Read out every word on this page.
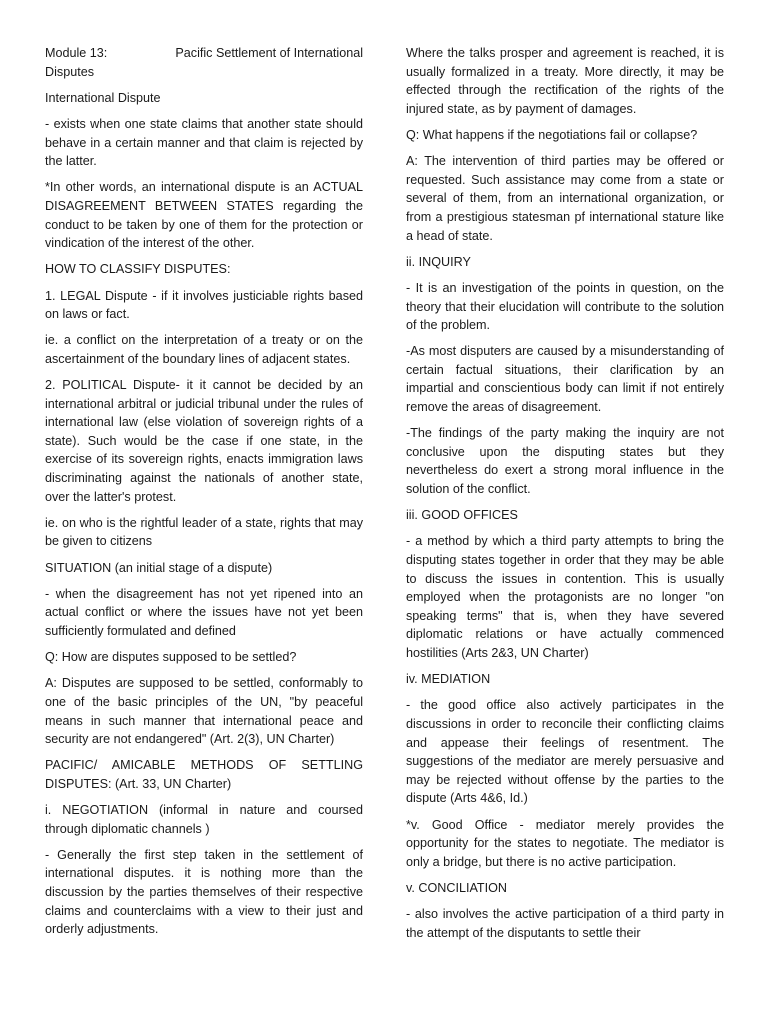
Module 13:	Pacific Settlement of International
Disputes

International Dispute

- exists when one state claims that another state should behave in a certain manner and that claim is rejected by the latter.

*In other words, an international dispute is an ACTUAL DISAGREEMENT BETWEEN STATES regarding the conduct to be taken by one of them for the protection or vindication of the interest of the other.

HOW TO CLASSIFY DISPUTES:

1. LEGAL Dispute - if it involves justiciable rights based on laws or fact.

ie. a conflict on the interpretation of a treaty or on the ascertainment of the boundary lines of adjacent states.

2. POLITICAL Dispute- it it cannot be decided by an international arbitral or judicial tribunal under the rules of international law (else violation of sovereign rights of a state). Such would be the case if one state, in the exercise of its sovereign rights, enacts immigration laws discriminating against the nationals of another state, over the latter's protest.

ie. on who is the rightful leader of a state, rights that may be given to citizens

SITUATION (an initial stage of a dispute)

- when the disagreement has not yet ripened into an actual conflict or where the issues have not yet been sufficiently formulated and defined

Q: How are disputes supposed to be settled?

A: Disputes are supposed to be settled, conformably to one of the basic principles of the UN, "by peaceful means in such manner that international peace and security are not endangered" (Art. 2(3), UN Charter)

PACIFIC/ AMICABLE METHODS OF SETTLING DISPUTES: (Art. 33, UN Charter)

i. NEGOTIATION (informal in nature and coursed through diplomatic channels )

- Generally the first step taken in the settlement of international disputes. it is nothing more than the discussion by the parties themselves of their respective claims and counterclaims with a view to their just and orderly adjustments.

Where the talks prosper and agreement is reached, it is usually formalized in a treaty. More directly, it may be effected through the rectification of the rights of the injured state, as by payment of damages.

Q: What happens if the negotiations fail or collapse?

A: The intervention of third parties may be offered or requested. Such assistance may come from a state or several of them, from an international organization, or from a prestigious statesman pf international stature like a head of state.

ii. INQUIRY

- It is an investigation of the points in question, on the theory that their elucidation will contribute to the solution of the problem.

-As most disputers are caused by a misunderstanding of certain factual situations, their clarification by an impartial and conscientious body can limit if not entirely remove the areas of disagreement.

-The findings of the party making the inquiry are not conclusive upon the disputing states but they nevertheless do exert a strong moral influence in the solution of the conflict.

iii. GOOD OFFICES

- a method by which a third party attempts to bring the disputing states together in order that they may be able to discuss the issues in contention. This is usually employed when the protagonists are no longer "on speaking terms" that is, when they have severed diplomatic relations or have actually commenced hostilities (Arts 2&3, UN Charter)

iv. MEDIATION

- the good office also actively participates in the discussions in order to reconcile their conflicting claims and appease their feelings of resentment. The suggestions of the mediator are merely persuasive and may be rejected without offense by the parties to the dispute (Arts 4&6, Id.)

*v. Good Office - mediator merely provides the opportunity for the states to negotiate. The mediator is only a bridge, but there is no active participation.

v. CONCILIATION

- also involves the active participation of a third party in the attempt of the disputants to settle their
